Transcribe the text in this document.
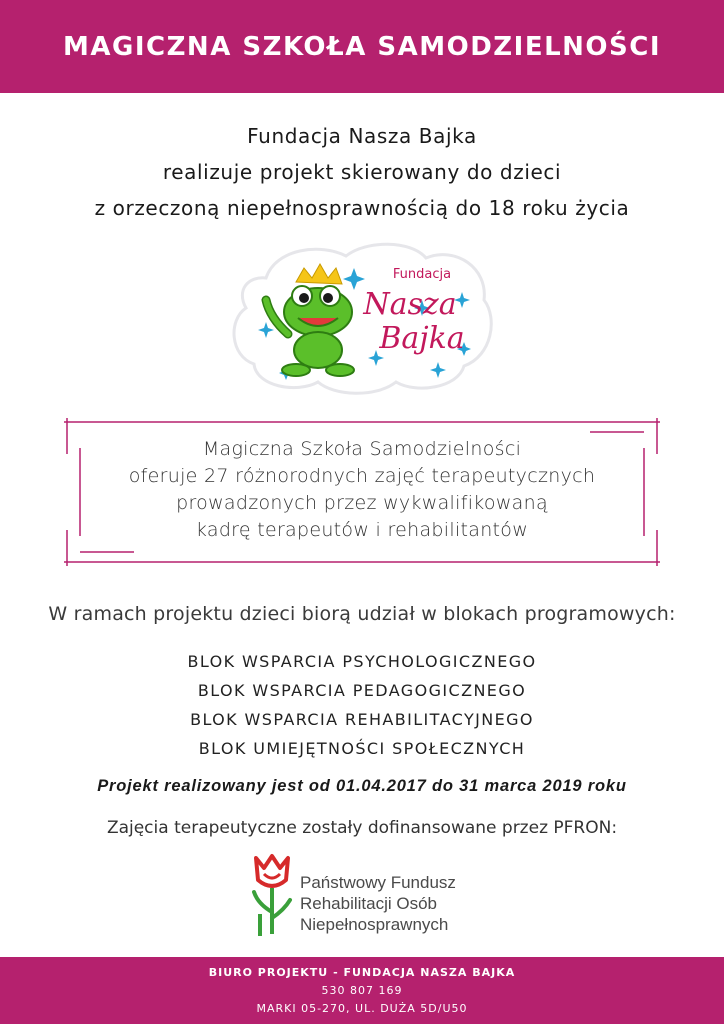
MAGICZNA SZKOŁA SAMODZIELNOŚCI
Fundacja Nasza Bajka
realizuje projekt skierowany do dzieci
z orzeczoną niepełnosprawnością do 18 roku życia
Fundacja
Nasza
Bajka
Magiczna Szkoła Samodzielności
oferuje 27 różnorodnych zajęć terapeutycznych
prowadzonych przez wykwalifikowaną
kadrę terapeutów i rehabilitantów
W ramach projektu dzieci biorą udział w blokach programowych:
BLOK WSPARCIA PSYCHOLOGICZNEGO
BLOK WSPARCIA PEDAGOGICZNEGO
BLOK WSPARCIA REHABILITACYJNEGO
BLOK UMIEJĘTNOŚCI SPOŁECZNYCH
Projekt realizowany jest od 01.04.2017 do 31 marca 2019 roku
Zajęcia terapeutyczne zostały dofinansowane przez PFRON:
Państwowy Fundusz
Rehabilitacji Osób
Niepełnosprawnych
BIURO PROJEKTU - FUNDACJA NASZA BAJKA
530 807 169
MARKI 05-270, UL. DUŻA 5D/U50
